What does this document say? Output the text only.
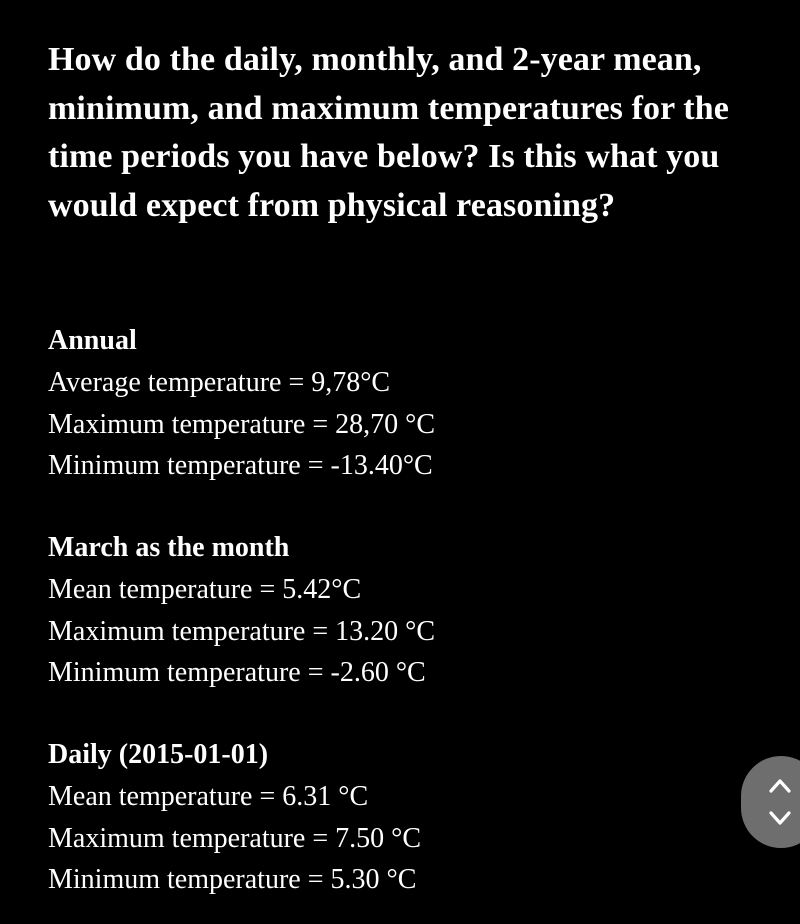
How do the daily, monthly, and 2-year mean, minimum, and maximum temperatures for the time periods you have below? Is this what you would expect from physical reasoning?

Annual

Average temperature = 9,78°C

Maximum temperature = 28,70 °C

Minimum temperature = -13.40°C

March as the month

Mean temperature = 5.42°C

Maximum temperature = 13.20 °C

Minimum temperature = -2.60 °C

Daily (2015-01-01)

Mean temperature = 6.31 °C

Maximum temperature = 7.50 °C

Minimum temperature = 5.30 °C
